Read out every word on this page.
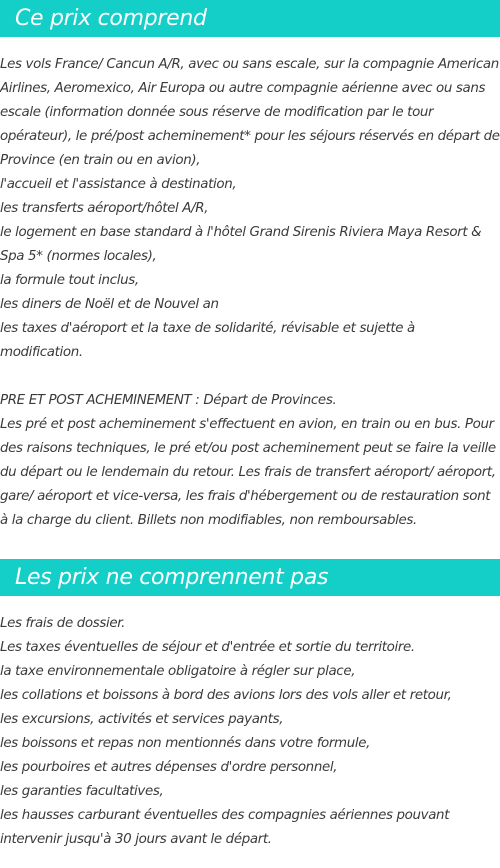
Ce prix comprend

Les vols France/ Cancun A/R, avec ou sans escale, sur la compagnie American Airlines, Aeromexico, Air Europa ou autre compagnie aérienne avec ou sans escale (information donnée sous réserve de modification par le tour opérateur), le pré/post acheminement* pour les séjours réservés en départ de Province (en train ou en avion),

l'accueil et l'assistance à destination,

les transferts aéroport/hôtel A/R,

le logement en base standard à l'hôtel Grand Sirenis Riviera Maya Resort & Spa 5* (normes locales),

la formule tout inclus,

les diners de Noël et de Nouvel an

les taxes d'aéroport et la taxe de solidarité, révisable et sujette à modification.

PRE ET POST ACHEMINEMENT : Départ de Provinces.

Les pré et post acheminement s'effectuent en avion, en train ou en bus. Pour des raisons techniques, le pré et/ou post acheminement peut se faire la veille du départ ou le lendemain du retour. Les frais de transfert aéroport/ aéroport, gare/ aéroport et vice-versa, les frais d'hébergement ou de restauration sont à la charge du client. Billets non modifiables, non remboursables.

Les prix ne comprennent pas

Les frais de dossier.

Les taxes éventuelles de séjour et d'entrée et sortie du territoire.

la taxe environnementale obligatoire à régler sur place,

les collations et boissons à bord des avions lors des vols aller et retour,

les excursions, activités et services payants,

les boissons et repas non mentionnés dans votre formule,

les pourboires et autres dépenses d'ordre personnel,

les garanties facultatives,

les hausses carburant éventuelles des compagnies aériennes pouvant intervenir jusqu'à 30 jours avant le départ.
